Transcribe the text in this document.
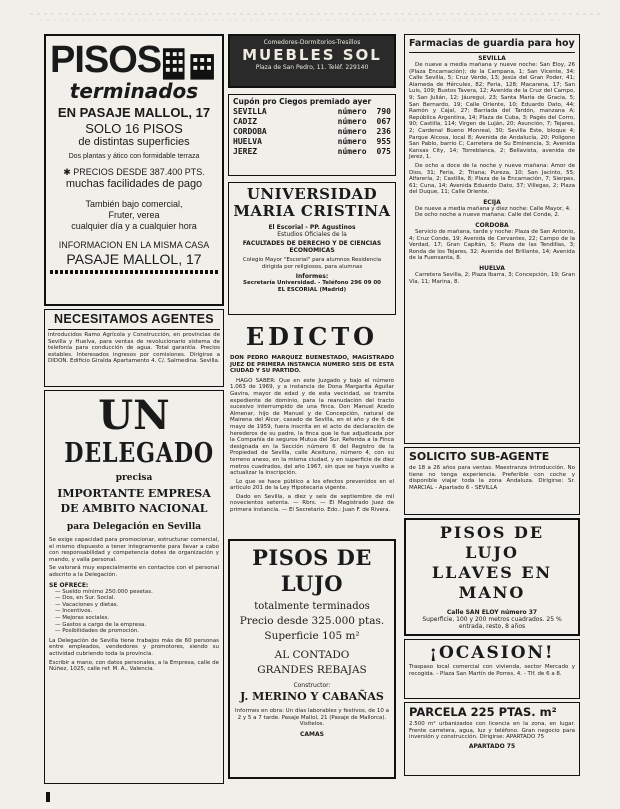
PISOS
terminados
EN PASAJE MALLOL, 17
SOLO 16 PISOS
de distintas superficies
Dos plantas y ático con formidable terraza
✱ PRECIOS DESDE 387.400 PTS.
muchas facilidades de pago
También bajo comercial,
Fruter, verea
cualquier día y a cualquier hora
INFORMACION EN LA MISMA CASA
PASAJE MALLOL, 17
NECESITAMOS AGENTES
introducidos Ramo Agrícola y Construcción, en provincias de Sevilla y Huelva, para ventas de revolucionario sistema de telefonía para conducción de agua. Total garantía. Precios estables. Interesados ingresos por comisiones. Dirigirse a DIDON. Edificio Giralda Apartamento 4. C/. Salmedina. Sevilla.
UN
DELEGADO
precisa
IMPORTANTE EMPRESA
DE AMBITO NACIONAL
para Delegación en Sevilla
Se exige capacidad para promocionar, estructurar comercial, el mismo dispuesto a tener integramente para llevar a cabo con responsabilidad y competencia dotes de organización y mando, y valía personal.
Se valorará muy especialmente en contactos con el personal adscrito a la Delegación.
SE OFRECE:
— Sueldo mínimo 250.000 pesetas.
— Dos, en Sur. Social.
— Vacaciones y dietas.
— Incentivos.
— Mejoras sociales.
— Gastos a cargo de la empresa.
— Posibilidades de promoción.
La Delegación de Sevilla tiene trabajos más de 60 personas entre empleados, vendedores y promotores, siendo su actividad cubriendo toda la provincia.
Escribir a mano, con datos personales, a la Empresa, calle de Núñez, 1025, calle ref. M. A., Valencia.
Comedores-Dormitorios-Tresillos
MUEBLES SOL
Plaza de San Pedro, 11. Teléf. 229140
Cupón pro Ciegos premiado ayer
SEVILLA	número	790
CADIZ	número	067
CORDOBA	número	236
HUELVA	número	955
JEREZ	número	075
UNIVERSIDAD
MARIA CRISTINA
El Escorial - PP. Agustinos
Estudios Oficiales de la
FACULTADES DE DERECHO Y DE CIENCIAS ECONOMICAS
Colegio Mayor "Escorial" para alumnos Residencia dirigida por religiosos, para alumnas
Informes:
Secretaría Universidad. - Teléfono 296 09 00
EL ESCORIAL (Madrid)
EDICTO
DON PEDRO MARQUEZ BUENESTADO, MAGISTRADO JUEZ DE PRIMERA INSTANCIA NUMERO SEIS DE ESTA CIUDAD Y SU PARTIDO.
HAGO SABER: Que en este Juzgado y bajo el número 1.063 de 1969, y a instancia de Dona Margarita Aguilar Gavira, mayor de edad y de esta vecindad, se tramita expediente de dominio, para la reanudación del tracto sucesivo interrumpido de una finca. Don Manuel Acedo Almenar, hijo de Manuel y de Concepción, natural de Mairena del Alcor, casado de Sevilla, en el año y de 6 de mayo de 1959, fuera inscrita en el acto de declaración de herederos de su padre, la finca que le fue adjudicada por la Compañía de seguros Mutua del Sur. Referida a la Finca designada en la Sección número 6 del Registro de la Propiedad de Sevilla, calle Aceituno, número 4, con su terreno anexo, en la misma ciudad, y en superficie de diez metros cuadrados, del año 1967, sin que se haya vuelto a actualizar la inscripción.
Lo que se hace público a los efectos prevenidos en el artículo 201 de la Ley Hipotecaria vigente.
Dado en Sevilla, a diez y seis de septiembre de mil novecientos setenta. — Rbrs. — El Magistrado Juez de primera instancia. — El Secretario. Edo.: Juan F. de Rivera.
PISOS DE LUJO
totalmente terminados
Precio desde 325.000 ptas.
Superficie 105 m²
AL CONTADO
GRANDES REBAJAS
Constructor:
J. MERINO Y CABAÑAS
Informes en obra: Un días laborables y festivos, de 10 a 2 y 5 a 7 tarde. Pasaje Mallol, 21 (Pasaje de Mallorca). Visítelos.
CAMAS
Farmacias de guardia para hoy
SEVILLA
De nueve a media mañana y nueve noche: San Eloy, 26 (Plaza Encarnación); de la Campana, 1; San Vicente, 34; Calle Sevilla, 5; Cruz Verde, 13; Jesús del Gran Poder, 41; Alameda de Hércules, 82; Feria, 128; Macarena, 17; San Luis, 109; Bustos Tavera, 12; Avenida de la Cruz del Campo, 9; San Julián, 12; Jáuregui, 23; Santa María de Gracia, 5; San Bernardo, 19; Calle Oriente, 10; Eduardo Dato, 44; Ramón y Cajal, 27; Barriada del Tardón, manzana A; República Argentina, 14; Plaza de Cuba, 3; Pagés del Corro, 90; Castilla, 114; Virgen de Luján, 20; Asunción, 7; Tejares, 2; Cardenal Bueno Monreal, 30; Sevilla Este, bloque 4; Parque Alcosa, local 8; Avenida de Andalucía, 20; Polígono San Pablo, barrio C; Carretera de Su Eminencia, 3; Avenida Kansas City, 14; Torreblanca, 2; Bellavista, avenida de Jerez, 1.
De ocho a doce de la noche y nueve mañana: Amor de Dios, 31; Feria, 2; Triana; Pureza, 10; San Jacinto, 55; Alfarería, 2; Castilla, 8; Plaza de la Encarnación, 7; Sierpes, 61; Cuna, 14; Avenida Eduardo Dato, 37; Villegas, 2; Plaza del Duque, 11; Calle Oriente.
ECIJA
De nueve a media mañana y diez noche: Calle Mayor, 4.
De ocho noche a nueve mañana: Calle del Conde, 2.
CORDOBA
Servicio de mañana, tarde y noche: Plaza de San Antonio, 4; Cruz Conde, 19; Avenida de Cervantes, 22; Campo de la Verdad, 17; Gran Capitán, 5; Plaza de las Tendillas, 3; Ronda de los Tejares, 32; Avenida del Brillante, 14; Avenida de la Fuensanta, 8.
HUELVA
Carretera Sevilla, 2; Plaza Ibarra, 3; Concepción, 19; Gran Vía, 11; Marina, 8.
SOLICITO SUB-AGENTE
de 18 a 26 años para ventas. Maestranza introducción. No tiene no tenga experiencia. Preferible con coche y disponible viajar toda la zona Andaluza. Dirigirse: Sr. MARCIAL - Apartado 6 - SEVILLA
PISOS DE LUJO
LLAVES EN MANO
Calle SAN ELOY número 37
Superficie, 100 y 200 metros cuadrados. 25 % entrada, resto, 8 años
¡OCASION!
Traspaso local comercial con vivienda, sector Mercado y recogida. - Plaza San Martín de Porres, 4. - Tlf. de 6 a 8.
PARCELA 225 PTAS. m²
2.500 m² urbanizados con licencia en la zona, en lugar. Frente carretera, agua, luz y teléfono. Gran negocio para inversión y construcción. Dirigirse: APARTADO 75
APARTADO 75
